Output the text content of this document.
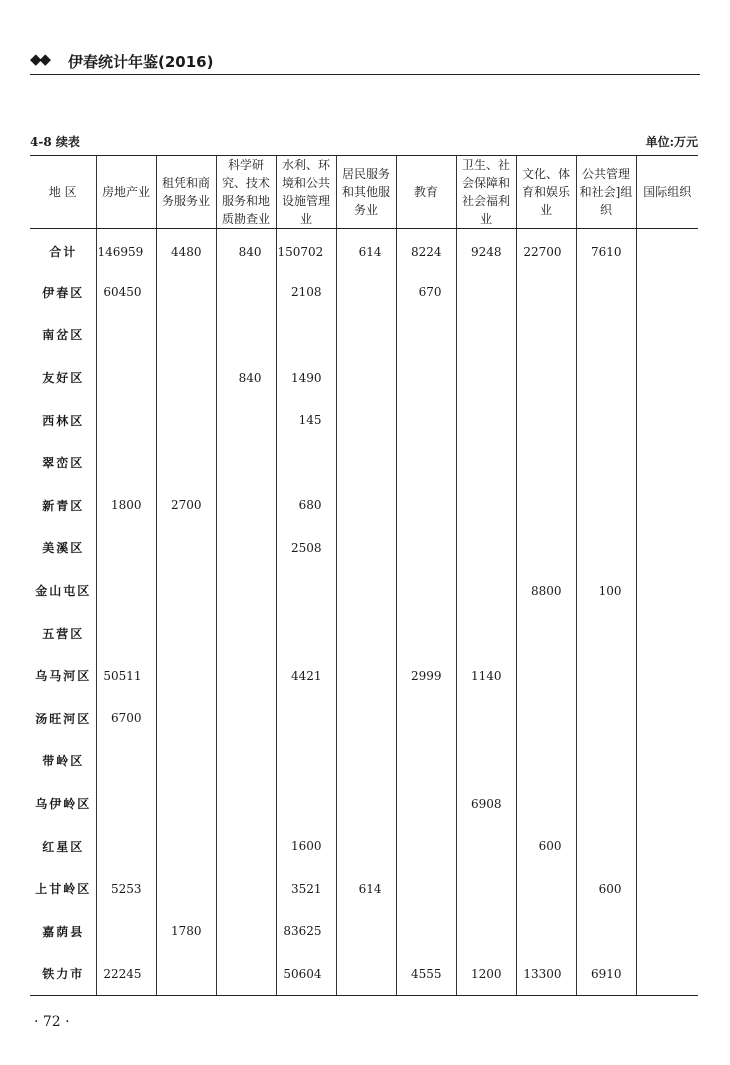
◆◆ 伊春统计年鉴(2016)
4-8 续表	单位:万元
地 区	房地产业	租凭和商务服务业	科学研究、技术服务和地质勘查业	水利、环境和公共设施管理业	居民服务和其他服务业	教育	卫生、社会保障和社会福利业	文化、体育和娱乐业	公共管理和社会]组织	国际组织
合计	146959	4480	840	150702	614	8224	9248	22700	7610	
伊春区	60450			2108		670				
南岔区										
友好区			840	1490						
西林区				145						
翠峦区										
新青区	1800	2700		680						
美溪区				2508						
金山屯区								8800	100	
五营区										
乌马河区	50511			4421		2999	1140			
汤旺河区	6700									
带岭区										
乌伊岭区							6908			
红星区				1600				600		
上甘岭区	5253			3521	614				600	
嘉荫县		1780		83625						
铁力市	22245			50604		4555	1200	13300	6910	
· 72 ·
